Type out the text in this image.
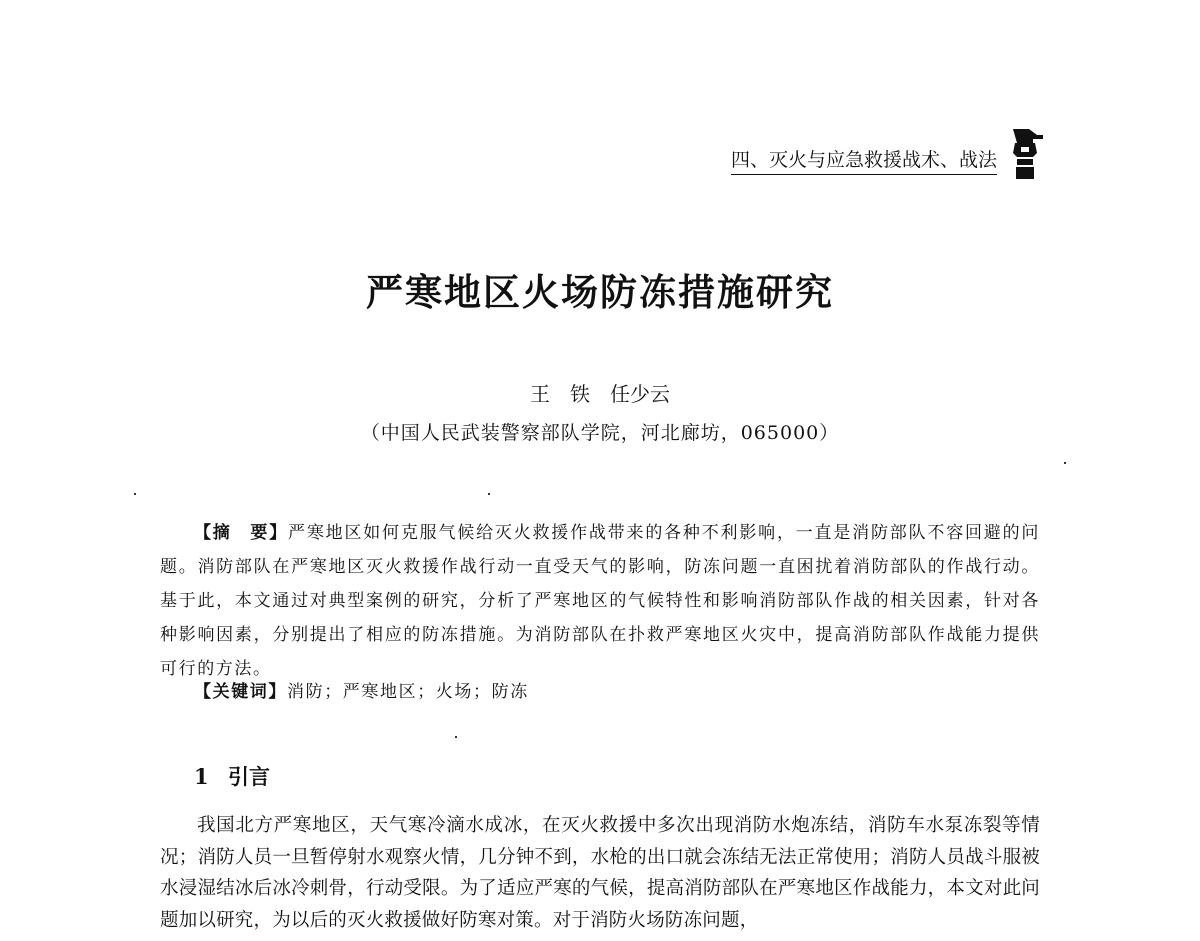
四、灭火与应急救援战术、战法
严寒地区火场防冻措施研究
王　铁　任少云
（中国人民武装警察部队学院，河北廊坊，065000）
【摘　要】严寒地区如何克服气候给灭火救援作战带来的各种不利影响，一直是消防部队不容回避的问题。消防部队在严寒地区灭火救援作战行动一直受天气的影响，防冻问题一直困扰着消防部队的作战行动。基于此，本文通过对典型案例的研究，分析了严寒地区的气候特性和影响消防部队作战的相关因素，针对各种影响因素，分别提出了相应的防冻措施。为消防部队在扑救严寒地区火灾中，提高消防部队作战能力提供可行的方法。
【关键词】消防；严寒地区；火场；防冻
1 引言
我国北方严寒地区，天气寒冷滴水成冰，在灭火救援中多次出现消防水炮冻结，消防车水泵冻裂等情况；消防人员一旦暂停射水观察火情，几分钟不到，水枪的出口就会冻结无法正常使用；消防人员战斗服被水浸湿结冰后冰冷刺骨，行动受限。为了适应严寒的气候，提高消防部队在严寒地区作战能力，本文对此问题加以研究，为以后的灭火救援做好防寒对策。对于消防火场防冻问题，
